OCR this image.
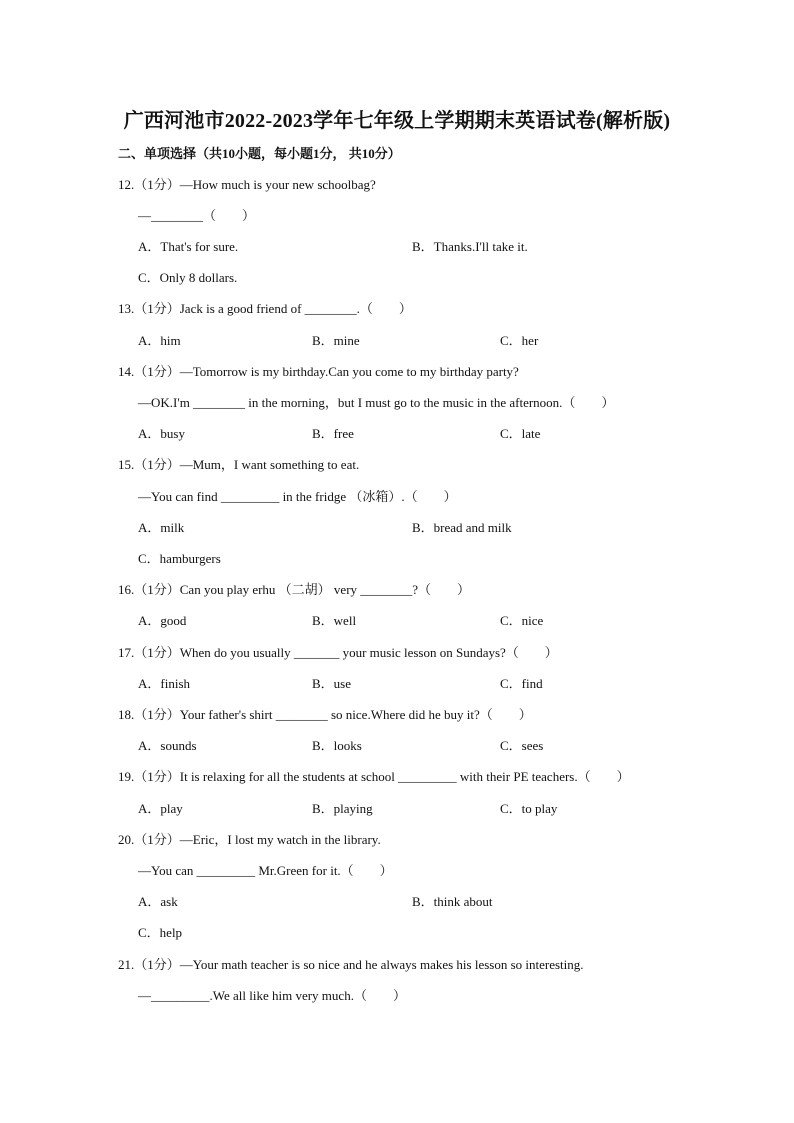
广西河池市2022-2023学年七年级上学期期末英语试卷(解析版)
二、单项选择（共10小题，每小题1分， 共10分）
12.（1分）—How much is your new schoolbag?
—________（　　）
A．That's for sure.	B．Thanks.I'll take it.
C．Only 8 dollars.
13.（1分）Jack is a good friend of ________.（　　）
A．him	B．mine	C．her
14.（1分）—Tomorrow is my birthday.Can you come to my birthday party?
—OK.I'm ________ in the morning，but I must go to the music in the afternoon.（　　）
A．busy	B．free	C．late
15.（1分）—Mum，I want something to eat.
—You can find _________ in the fridge （冰箱）.（　　）
A．milk	B．bread and milk
C．hamburgers
16.（1分）Can you play erhu （二胡） very ________?（　　）
A．good	B．well	C．nice
17.（1分）When do you usually _______ your music lesson on Sundays?（　　）
A．finish	B．use	C．find
18.（1分）Your father's shirt ________ so nice.Where did he buy it?（　　）
A．sounds	B．looks	C．sees
19.（1分）It is relaxing for all the students at school _________ with their PE teachers.（　　）
A．play	B．playing	C．to play
20.（1分）—Eric，I lost my watch in the library.
—You can _________ Mr.Green for it.（　　）
A．ask	B．think about
C．help
21.（1分）—Your math teacher is so nice and he always makes his lesson so interesting.
—_________.We all like him very much.（　　）
